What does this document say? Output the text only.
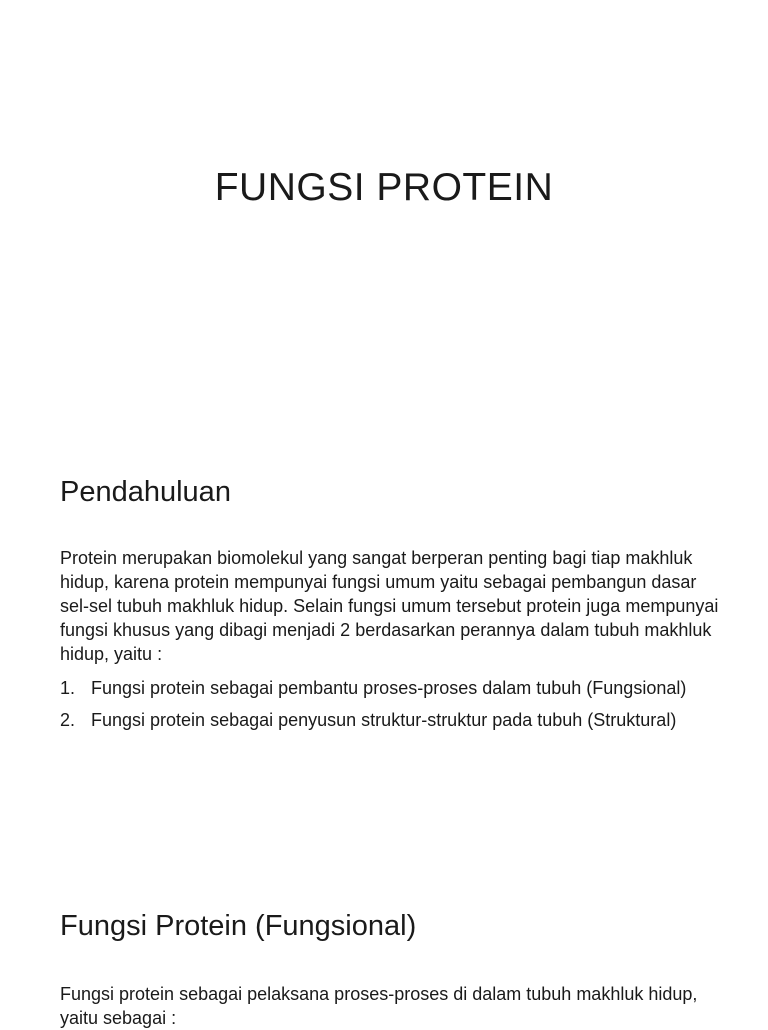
FUNGSI PROTEIN
Pendahuluan
Protein merupakan biomolekul yang sangat berperan penting bagi tiap makhluk hidup, karena protein mempunyai fungsi umum yaitu sebagai pembangun dasar sel-sel tubuh makhluk hidup. Selain fungsi umum tersebut protein juga mempunyai fungsi khusus yang dibagi menjadi 2 berdasarkan perannya dalam tubuh makhluk hidup, yaitu :
1. Fungsi protein sebagai pembantu proses-proses dalam tubuh (Fungsional)
2. Fungsi protein sebagai penyusun struktur-struktur pada tubuh (Struktural)
Fungsi Protein (Fungsional)
Fungsi protein sebagai pelaksana proses-proses di dalam tubuh makhluk hidup, yaitu sebagai :
